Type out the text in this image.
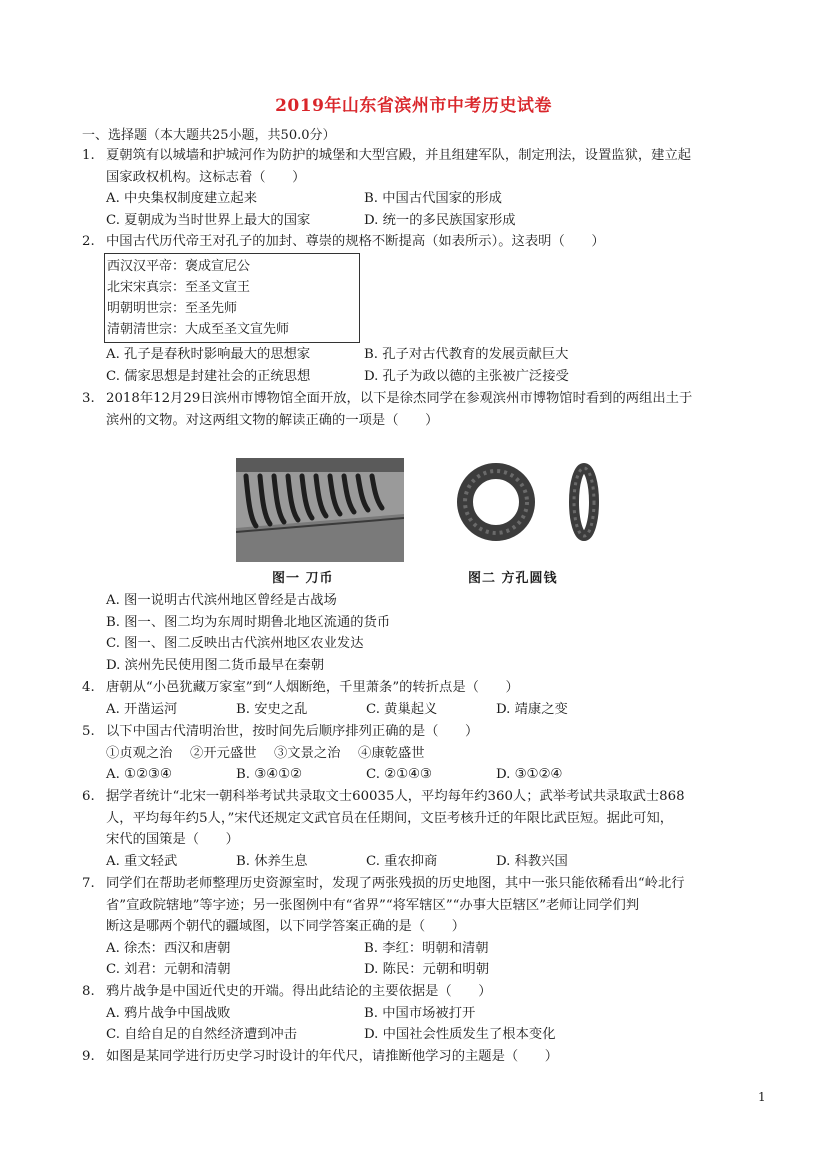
2019年山东省滨州市中考历史试卷
一、选择题（本大题共25小题，共50.0分）
1. 夏朝筑有以城墙和护城河作为防护的城堡和大型宫殿，并且组建军队，制定刑法，设置监狱，建立起
国家政权机构。这标志着（　　）
A. 中央集权制度建立起来	B. 中国古代国家的形成
C. 夏朝成为当时世界上最大的国家	D. 统一的多民族国家形成
2. 中国古代历代帝王对孔子的加封、尊崇的规格不断提高（如表所示）。这表明（　　）
西汉汉平帝：褒成宣尼公
北宋宋真宗：至圣文宣王
明朝明世宗：至圣先师
清朝清世宗：大成至圣文宣先师
A. 孔子是春秋时影响最大的思想家	B. 孔子对古代教育的发展贡献巨大
C. 儒家思想是封建社会的正统思想	D. 孔子为政以德的主张被广泛接受
3. 2018年12月29日滨州市博物馆全面开放，以下是徐杰同学在参观滨州市博物馆时看到的两组出土于
滨州的文物。对这两组文物的解读正确的一项是（　　）
图一 刀币	图二 方孔圆钱
A. 图一说明古代滨州地区曾经是古战场
B. 图一、图二均为东周时期鲁北地区流通的货币
C. 图一、图二反映出古代滨州地区农业发达
D. 滨州先民使用图二货币最早在秦朝
4. 唐朝从“小邑犹藏万家室”到“人烟断绝，千里萧条”的转折点是（　　）
A. 开凿运河	B. 安史之乱	C. 黄巢起义	D. 靖康之变
5. 以下中国古代清明治世，按时间先后顺序排列正确的是（　　）
①贞观之治　 ②开元盛世　 ③文景之治　 ④康乾盛世
A. ①②③④	B. ③④①②	C. ②①④③	D. ③①②④
6. 据学者统计“北宋一朝科举考试共录取文士60035人，平均每年约360人；武举考试共录取武士868
人，平均每年约5人，”宋代还规定文武官员在任期间，文臣考核升迁的年限比武臣短。据此可知，
宋代的国策是（　　）
A. 重文轻武	B. 休养生息	C. 重农抑商	D. 科教兴国
7. 同学们在帮助老师整理历史资源室时，发现了两张残损的历史地图，其中一张只能依稀看出“岭北行
省”宣政院辖地”等字迹；另一张图例中有“省界”“将军辖区”“办事大臣辖区”老师让同学们判
断这是哪两个朝代的疆域图，以下同学答案正确的是（　　）
A. 徐杰：西汉和唐朝	B. 李红：明朝和清朝
C. 刘君：元朝和清朝	D. 陈民：元朝和明朝
8. 鸦片战争是中国近代史的开端。得出此结论的主要依据是（　　）
A. 鸦片战争中国战败	B. 中国市场被打开
C. 自给自足的自然经济遭到冲击	D. 中国社会性质发生了根本变化
9. 如图是某同学进行历史学习时设计的年代尺，请推断他学习的主题是（　　）
1
